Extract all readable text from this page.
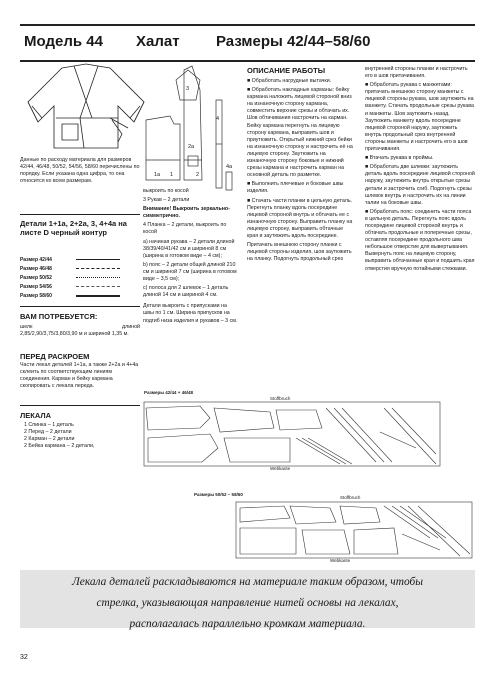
Модель 44 Халат Размеры 42/44–58/60
Данные по расходу материала для размеров 42/44, 46/48, 50/52, 54/56, 58/60 перечислены по порядку. Если указана одна цифра, то она относится ко всем размерам.
Детали 1+1а, 2+2а, 3, 4+4а на листе D черный контур
Размер 42/44
Размер 46/48
Размер 50/52
Размер 54/56
Размер 58/60
ВАМ ПОТРЕБУЕТСЯ:
шелк длиной
2,85/2,90/3,75/3,80/3,90 м и шириной 1,35 м.
ПЕРЕД РАСКРОЕМ
Части лекал деталей 1+1а, а также 2+2а и 4+4а склеить по соответствующим линиям соединения. Карман и бейку кармана скопировать с лекала переда.
ЛЕКАЛА
1 Спинка – 1 деталь
2 Перед – 2 детали
2 Карман – 2 детали
2 Бейка кармана – 2 детали,
1а 1
2а
2
4
4а
3

выкроить по косой

3 Рукав – 2 детали

Внимание! Выкроить зеркально-симметрично.

4 Планка – 2 детали, выкроить по косой

а) начиная рукава – 2 детали длиной 38/39/40/41/42 см и шириной 8 см (ширина в готовом виде – 4 см);

b) пояс – 2 детали общей длиной 210 см и шириной 7 см (ширина в готовом виде – 3,5 см);

с) полоса для 2 шлевок – 1 деталь длиной 14 см и шириной 4 см.

Детали выкроить с припусками на швы по 1 см. Ширина припусков на подгиб низа изделия и рукавов – 3 см.

ОПИСАНИЕ РАБОТЫ

■ Обработать нагрудные вытачки.

■ Обработать накладные карманы: бейку кармана наложить лицевой стороной вниз на изнаночную сторону кармана, совместить верхние срезы и обтачать их. Шов обтачивания настрочить на карман. Бейку кармана перегнуть на лицевую сторону кармана, выправить шов и приутюжить. Открытый нижний срез бейки на изнаночную сторону и настрочить её на лицевую сторону. Заутюжить на изнаночную сторону боковые и нижний срезы кармана и настрочить карман на основной деталь по разметке.

■ Выполнить плечевые и боковые швы изделия.

■ Стачать части планки в цельную деталь. Перегнуть планку вдоль посередине лицевой стороной внутрь и обтачать ее с изнаночную сторону. Выправить планку на лицевую сторону, выправить обтачные края и заутюжить вдоль посередине.

Притачать внешнюю сторону планки с лицевой стороны изделия, шов заутюжить на планку. Подогнуть продольный срез

внутренней стороны планки и настрочить его в шов притачивания.

■ Обработать рукава с манжетами: притачать внешнюю сторону манжеты с лицевой стороны рукава, шов заутюжить на манжету. Стачать продольные срезы рукава и манжеты. Шов заутюжить назад. Заутюжить манжету вдоль посередине лицевой стороной наружу, заутюжить внутрь продольный срез внутренней стороны манжеты и настрочить его в шов притачивания.

■ Втачать рукава в проймы.

■ Обработать две шлевки: заутюжить деталь вдоль посередине лицевой стороной наружу, заутюжить внутрь открытые срезы детали и застрочить сгиб. Подогнуть срезы шлевок внутрь и настрочить их на линии талии на боковые швы.

■ Обработать пояс: соединить части пояса в цельную деталь. Перегнуть пояс вдоль посередине лицевой стороной внутрь и обтачать продольные и поперечные срезы, оставляя посередине продольного шва небольшое отверстие для вывертывания. Вывернуть пояс на лицевую сторону, выправить обтачанные края и подшить края отверстия вручную потайными стежками.

Размеры 42/44 + 46/48
Stoffbruch
Webkante
Размеры 50/52 – 58/60
Stoffbruch
Webkante

Лекала деталей раскладываются на материале таким образом, чтобы

стрелка, указывающая направление нитей основы на лекалах,

располагалась параллельно кромкам материала.

32
